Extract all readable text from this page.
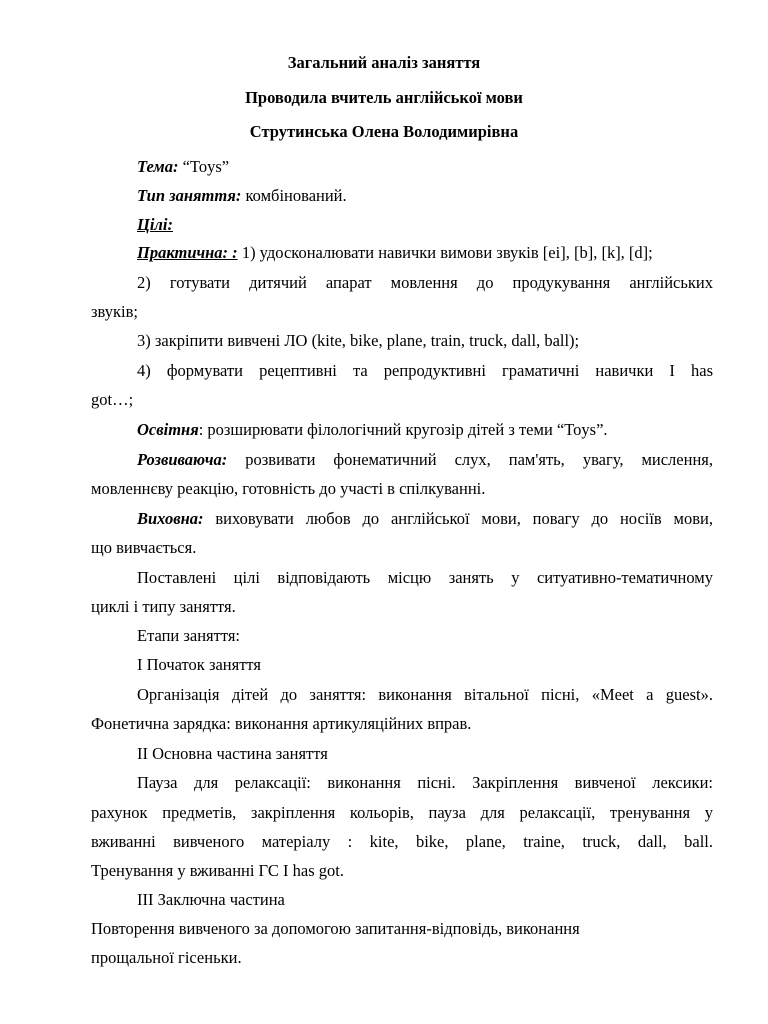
Загальний аналіз заняття
Проводила вчитель англійської мови
Струтинська Олена Володимирівна
Тема: “Toys”
Тип заняття: комбінований.
Цілі:
Практична: : 1) удосконалювати навички вимови звуків [ei], [b], [k], [d];
2) готувати дитячий апарат мовлення до продукування англійських
звуків;
3) закріпити вивчені ЛО (kite, bike, plane, train, truck, dall, ball);
4) формувати рецептивні та репродуктивні граматичні навички I has
got…;
Освітня: розширювати філологічний кругозір дітей з теми “Toys”.
Розвиваюча: розвивати фонематичний слух, пам'ять, увагу, мислення,
мовленнєву реакцію, готовність до участі в спілкуванні.
Виховна: виховувати любов до англійської мови, повагу до носіїв мови,
що вивчається.
Поставлені цілі відповідають місцю занять у ситуативно-тематичному
циклі і типу заняття.
Етапи заняття:
І Початок заняття
Організація дітей до заняття: виконання вітальної пісні, «Meet a guest».
Фонетична зарядка: виконання артикуляційних вправ.
ІІ Основна частина заняття
Пауза для релаксації: виконання пісні. Закріплення вивченої лексики:
рахунок предметів, закріплення кольорів, пауза для релаксації, тренування у
вживанні вивченого матеріалу : kite, bike, plane, traine, truck, dall, ball.
Тренування у вживанні ГС I has got.
ІІІ Заключна частина
Повторення вивченого за допомогою запитання-відповідь, виконання
прощальної гісеньки.
